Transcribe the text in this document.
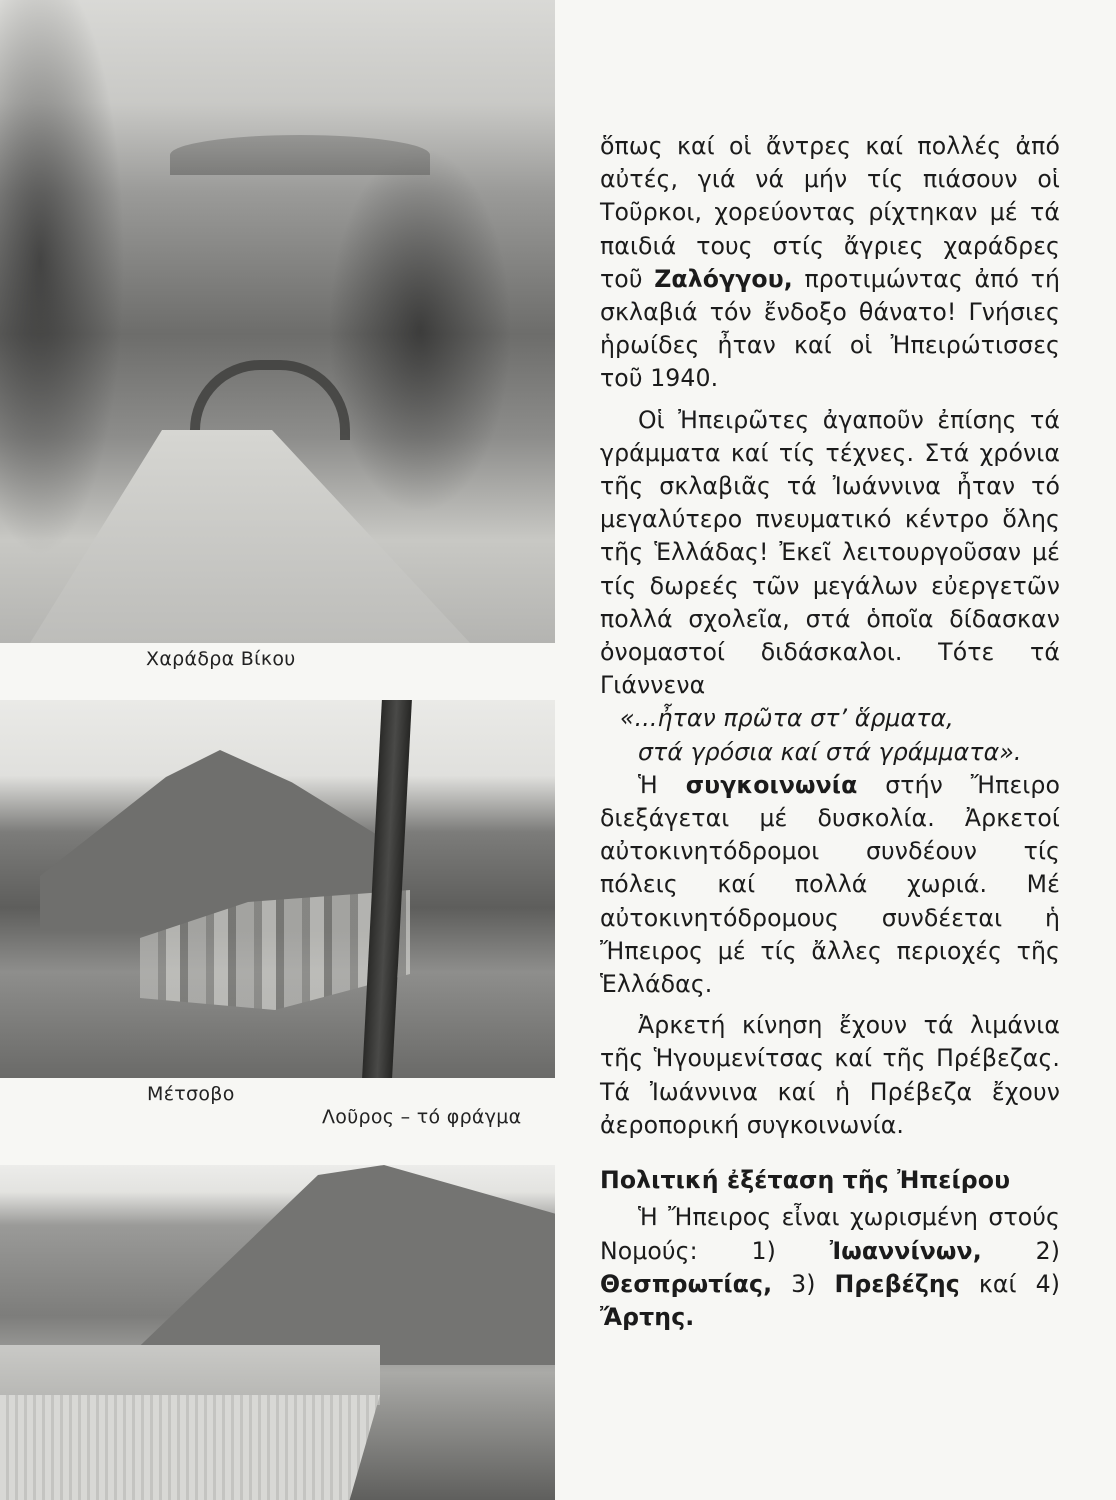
Χαράδρα Βίκου
Μέτσοβο
Λοῦρος – τό φράγμα

ὅπως καί οἱ ἄντρες καί πολλές ἀπό αὐτές, γιά νά μήν τίς πιάσουν οἱ Τοῦρκοι, χορεύοντας ρίχτηκαν μέ τά παιδιά τους στίς ἄγριες χαράδρες τοῦ Ζαλόγγου, προτιμώντας ἀπό τή σκλαβιά τόν ἔνδοξο θάνατο! Γνήσιες ἡρωίδες ἦταν καί οἱ Ἠπειρώτισσες τοῦ 1940.

Οἱ Ἠπειρῶτες ἀγαποῦν ἐπίσης τά γράμματα καί τίς τέχνες. Στά χρόνια τῆς σκλαβιᾶς τά Ἰωάννινα ἦταν τό μεγαλύτερο πνευματικό κέντρο ὅλης τῆς Ἑλλάδας! Ἐκεῖ λειτουργοῦσαν μέ τίς δωρεές τῶν μεγάλων εὐεργετῶν πολλά σχολεῖα, στά ὁποῖα δίδασκαν ὀνομαστοί διδάσκαλοι. Τότε τά Γιάννενα

«...ἦταν πρῶτα στ’ ἅρματα,

στά γρόσια καί στά γράμματα».

Ἡ συγκοινωνία στήν Ἤπειρο διεξάγεται μέ δυσκολία. Ἀρκετοί αὐτοκινητόδρομοι συνδέουν τίς πόλεις καί πολλά χωριά. Μέ αὐτοκινητόδρομους συνδέεται ἡ Ἤπειρος μέ τίς ἄλλες περιοχές τῆς Ἑλλάδας.

Ἀρκετή κίνηση ἔχουν τά λιμάνια τῆς Ἡγουμενίτσας καί τῆς Πρέβεζας. Τά Ἰωάννινα καί ἡ Πρέβεζα ἔχουν ἀεροπορική συγκοινωνία.

Πολιτική ἐξέταση τῆς Ἠπείρου

Ἡ Ἤπειρος εἶναι χωρισμένη στούς Νομούς: 1) Ἰωαννίνων, 2) Θεσπρωτίας, 3) Πρεβέζης καί 4) Ἄρτης.
